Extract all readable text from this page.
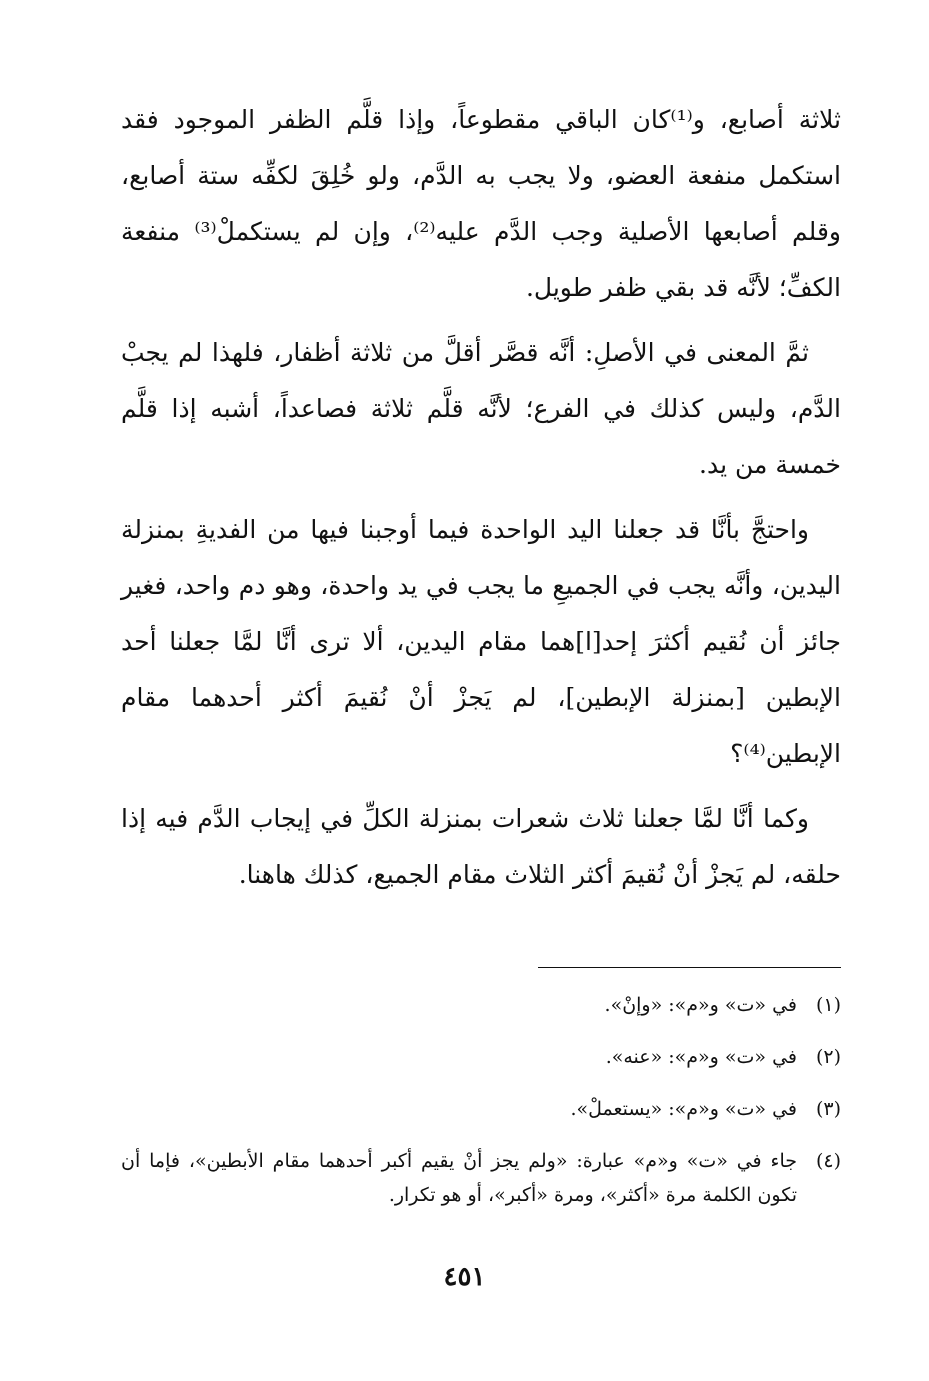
ثلاثة أصابع، و⁽¹⁾كان الباقي مقطوعاً، وإذا قلَّم الظفر الموجود فقد استكمل منفعة العضو، ولا يجب به الدَّم، ولو خُلِقَ لكفِّه ستة أصابع، وقلم أصابعها الأصلية وجب الدَّم عليه⁽²⁾، وإن لم يستكملْ⁽³⁾ منفعة الكفِّ؛ لأنَّه قد بقي ظفر طويل.

ثمَّ المعنى في الأصلِ: أنَّه قصَّر أقلَّ من ثلاثة أظفار، فلهذا لم يجبْ الدَّم، وليس كذلك في الفرع؛ لأنَّه قلَّم ثلاثة فصاعداً، أشبه إذا قلَّم خمسة من يد.

واحتجَّ بأنَّا قد جعلنا اليد الواحدة فيما أوجبنا فيها من الفديةِ بمنزلة اليدين، وأنَّه يجب في الجميعِ ما يجب في يد واحدة، وهو دم واحد، فغير جائز أن نُقيم أكثرَ إحد[ا]هما مقام اليدين، ألا ترى أنَّا لمَّا جعلنا أحد الإبطين [بمنزلة الإبطين]، لم يَجزْ أنْ نُقيمَ أكثر أحدهما مقام الإبطين⁽⁴⁾؟

وكما أنَّا لمَّا جعلنا ثلاث شعرات بمنزلة الكلِّ في إيجاب الدَّم فيه إذا حلقه، لم يَجزْ أنْ نُقيمَ أكثر الثلاث مقام الجميع، كذلك هاهنا.

(١)
في «ت» و«م»: «وإنْ».
(٢)
في «ت» و«م»: «عنه».
(٣)
في «ت» و«م»: «يستعملْ».
(٤)
جاء في «ت» و«م» عبارة: «ولم يجز أنْ يقيم أكبر أحدهما مقام الأبطين»، فإما أن تكون الكلمة مرة «أكثر»، ومرة «أكبر»، أو هو تكرار.
٤٥١
